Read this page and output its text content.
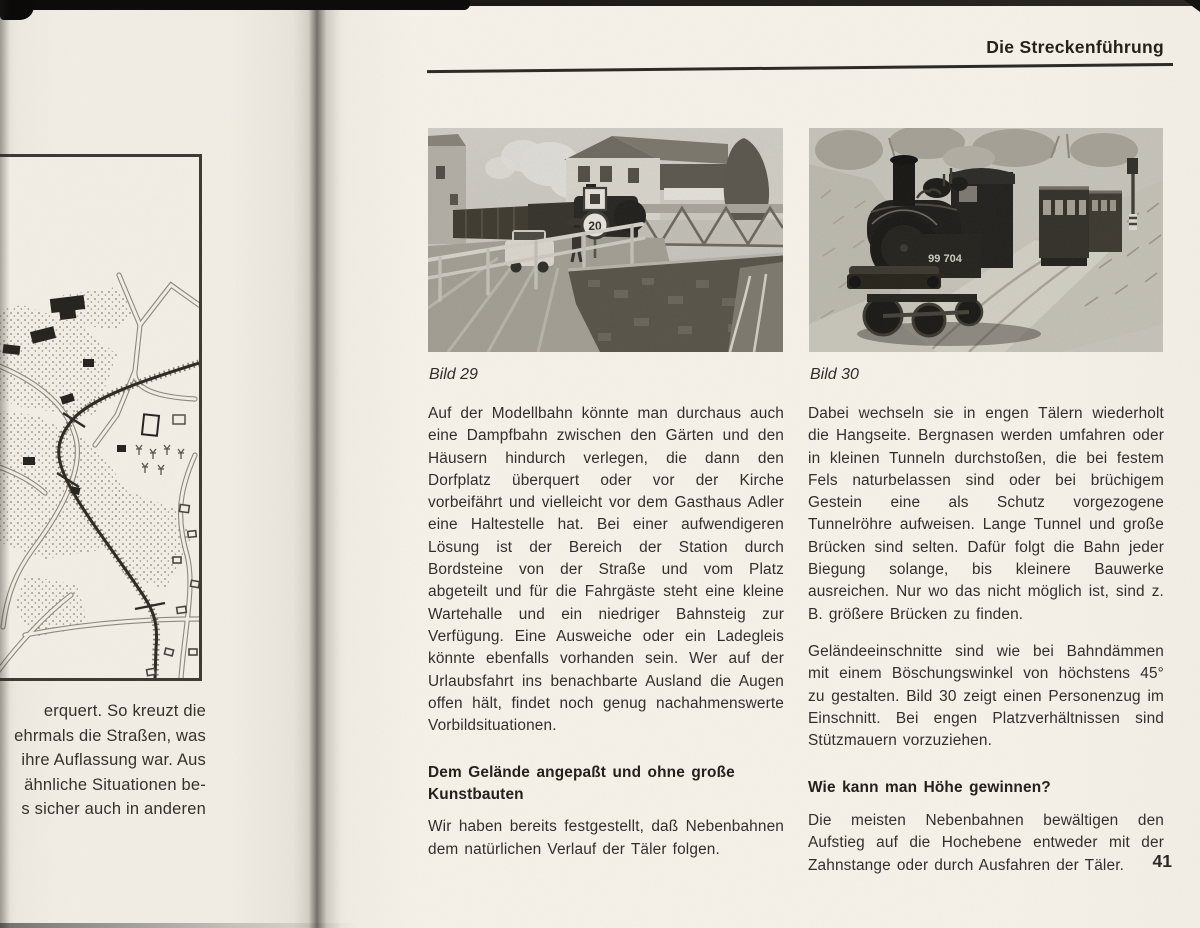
erquert. So kreuzt die
ehrmals die Straßen, was
ihre Auflassung war. Aus
ähnliche Situationen be-
s sicher auch in anderen
Die Streckenführung
20
99 704
Bild 29	Bild 30

Auf der Modellbahn könnte man durchaus auch eine Dampfbahn zwischen den Gärten und den Häusern hindurch verlegen, die dann den Dorfplatz überquert oder vor der Kirche vorbeifährt und vielleicht vor dem Gasthaus Adler eine Haltestelle hat. Bei einer aufwendigeren Lösung ist der Bereich der Station durch Bordsteine von der Straße und vom Platz abgeteilt und für die Fahrgäste steht eine kleine Wartehalle und ein niedriger Bahnsteig zur Verfügung. Eine Ausweiche oder ein Ladegleis könnte ebenfalls vorhanden sein. Wer auf der Urlaubsfahrt ins benachbarte Ausland die Augen offen hält, findet noch genug nachahmenswerte Vorbildsituationen.

Dem Gelände angepaßt und ohne große Kunstbauten

Wir haben bereits festgestellt, daß Nebenbahnen dem natürlichen Verlauf der Täler folgen.

Dabei wechseln sie in engen Tälern wiederholt die Hangseite. Bergnasen werden umfahren oder in kleinen Tunneln durchstoßen, die bei festem Fels naturbelassen sind oder bei brüchigem Gestein eine als Schutz vorgezogene Tunnelröhre aufweisen. Lange Tunnel und große Brücken sind selten. Dafür folgt die Bahn jeder Biegung solange, bis kleinere Bauwerke ausreichen. Nur wo das nicht möglich ist, sind z. B. größere Brücken zu finden.

Geländeeinschnitte sind wie bei Bahndämmen mit einem Böschungswinkel von höchstens 45° zu gestalten. Bild 30 zeigt einen Personenzug im Einschnitt. Bei engen Platzverhältnissen sind Stützmauern vorzuziehen.

Wie kann man Höhe gewinnen?

Die meisten Nebenbahnen bewältigen den Aufstieg auf die Hochebene entweder mit der Zahnstange oder durch Ausfahren der Täler.	41
